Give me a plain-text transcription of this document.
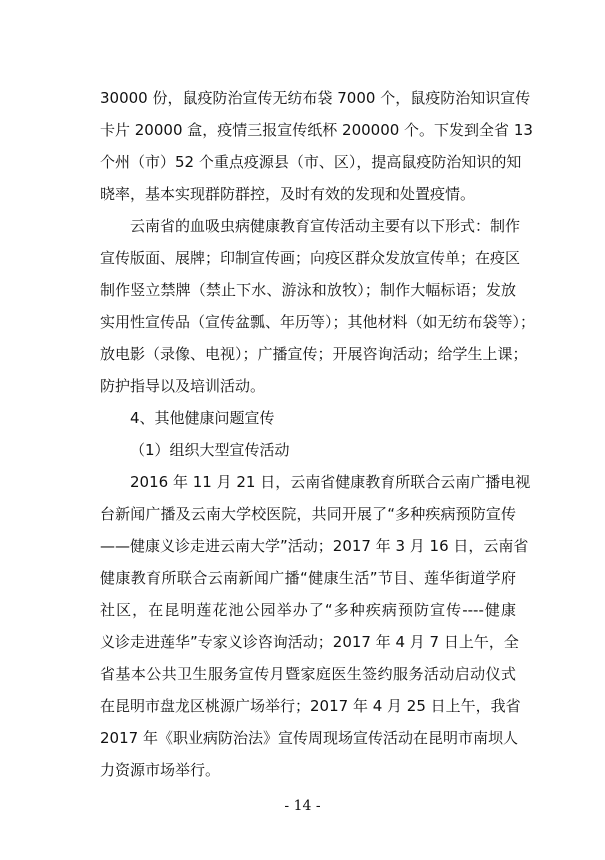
30000 份，鼠疫防治宣传无纺布袋 7000 个，鼠疫防治知识宣传
卡片 20000 盒，疫情三报宣传纸杯 200000 个。下发到全省 13
个州（市）52 个重点疫源县（市、区），提高鼠疫防治知识的知
晓率，基本实现群防群控，及时有效的发现和处置疫情。
云南省的血吸虫病健康教育宣传活动主要有以下形式：制作
宣传版面、展牌；印制宣传画；向疫区群众发放宣传单；在疫区
制作竖立禁牌（禁止下水、游泳和放牧）；制作大幅标语；发放
实用性宣传品（宣传盆瓢、年历等）；其他材料（如无纺布袋等）；
放电影（录像、电视）；广播宣传；开展咨询活动；给学生上课；
防护指导以及培训活动。
4、其他健康问题宣传
（1）组织大型宣传活动
2016 年 11 月 21 日，云南省健康教育所联合云南广播电视
台新闻广播及云南大学校医院，共同开展了“多种疾病预防宣传
——健康义诊走进云南大学”活动；2017 年 3 月 16 日，云南省
健康教育所联合云南新闻广播“健康生活”节目、莲华街道学府
社区，在昆明莲花池公园举办了“多种疾病预防宣传----健康
义诊走进莲华”专家义诊咨询活动；2017 年 4 月 7 日上午，全
省基本公共卫生服务宣传月暨家庭医生签约服务活动启动仪式
在昆明市盘龙区桃源广场举行；2017 年 4 月 25 日上午，我省
2017 年《职业病防治法》宣传周现场宣传活动在昆明市南坝人
力资源市场举行。
- 14 -
